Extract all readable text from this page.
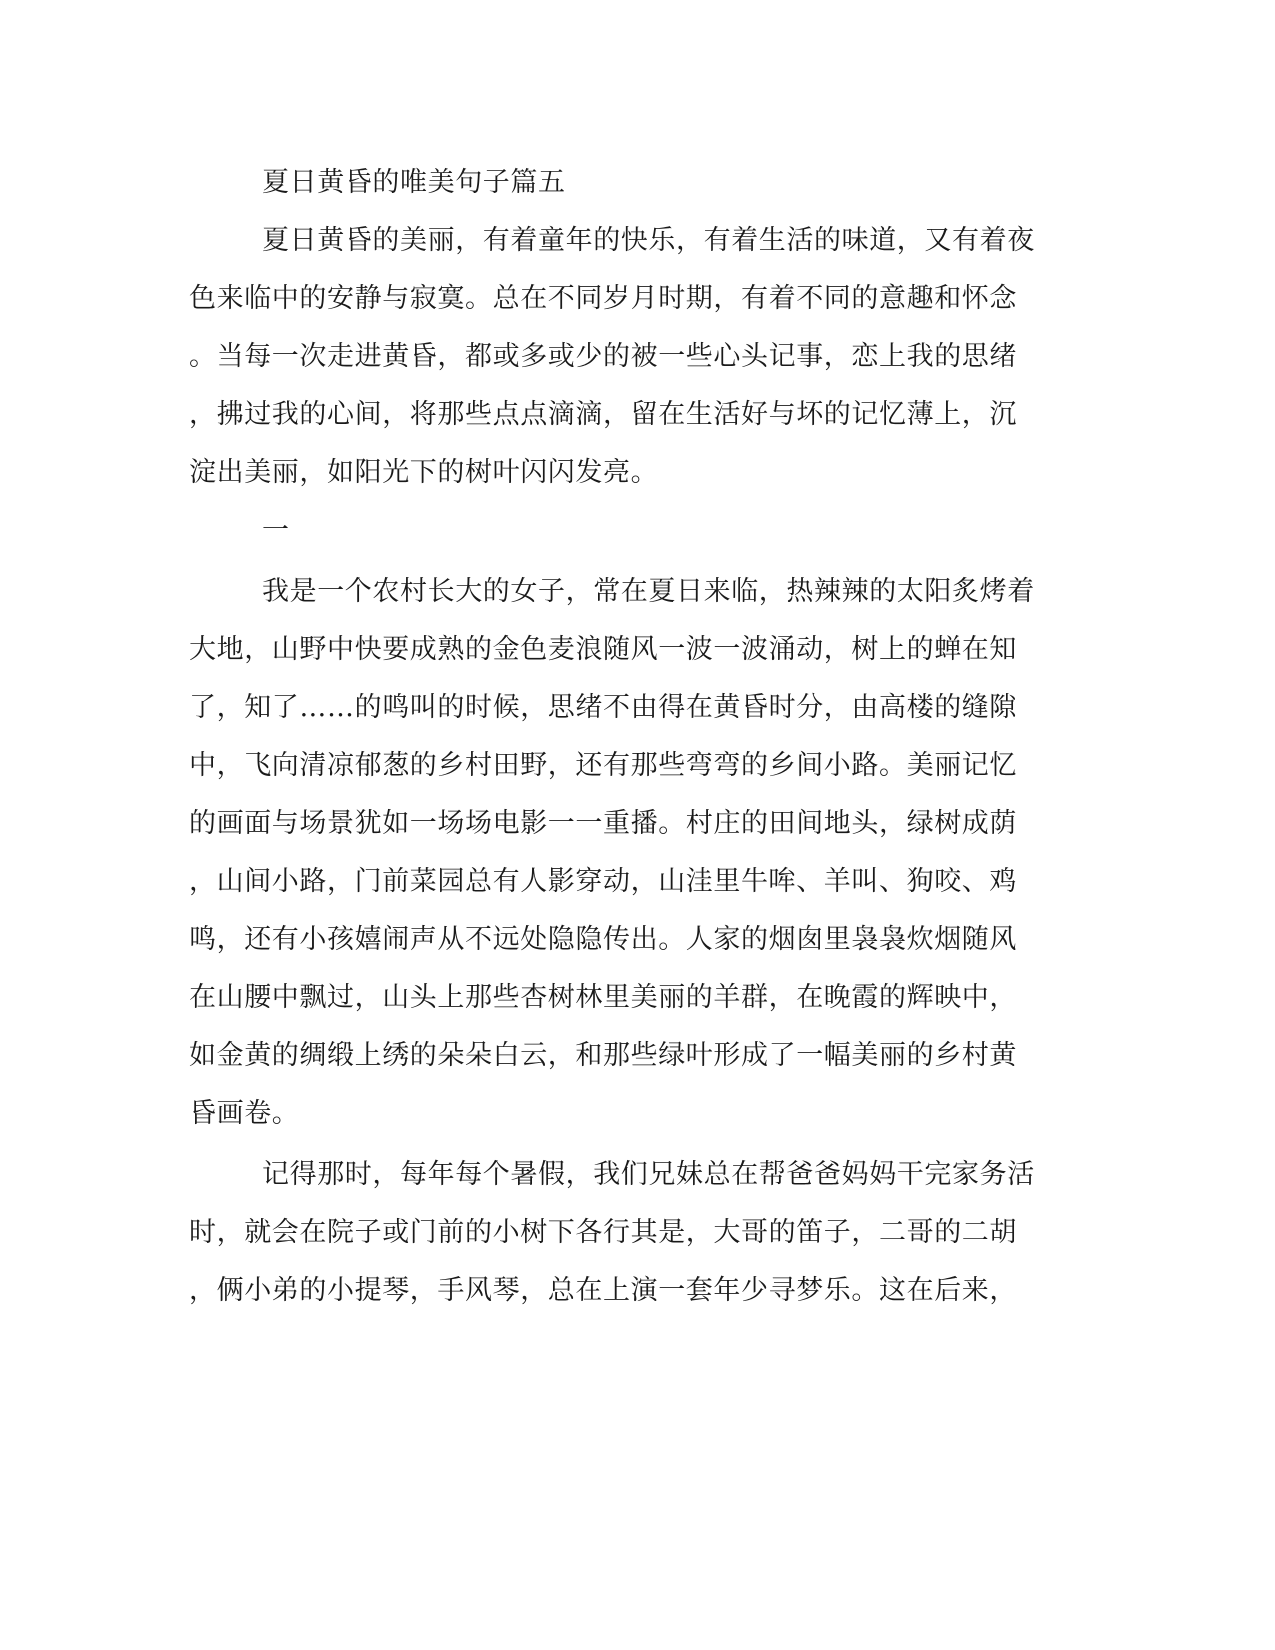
夏日黄昏的唯美句子篇五
夏日黄昏的美丽，有着童年的快乐，有着生活的味道，又有着夜
色来临中的安静与寂寞。总在不同岁月时期，有着不同的意趣和怀念
。当每一次走进黄昏，都或多或少的被一些心头记事，恋上我的思绪
，拂过我的心间，将那些点点滴滴，留在生活好与坏的记忆薄上，沉
淀出美丽，如阳光下的树叶闪闪发亮。
一
我是一个农村长大的女子，常在夏日来临，热辣辣的太阳炙烤着
大地，山野中快要成熟的金色麦浪随风一波一波涌动，树上的蝉在知
了，知了……的鸣叫的时候，思绪不由得在黄昏时分，由高楼的缝隙
中，飞向清凉郁葱的乡村田野，还有那些弯弯的乡间小路。美丽记忆
的画面与场景犹如一场场电影一一重播。村庄的田间地头，绿树成荫
，山间小路，门前菜园总有人影穿动，山洼里牛哞、羊叫、狗咬、鸡
鸣，还有小孩嬉闹声从不远处隐隐传出。人家的烟囱里袅袅炊烟随风
在山腰中飘过，山头上那些杏树林里美丽的羊群，在晚霞的辉映中，
如金黄的绸缎上绣的朵朵白云，和那些绿叶形成了一幅美丽的乡村黄
昏画卷。
记得那时，每年每个暑假，我们兄妹总在帮爸爸妈妈干完家务活
时，就会在院子或门前的小树下各行其是，大哥的笛子，二哥的二胡
，俩小弟的小提琴，手风琴，总在上演一套年少寻梦乐。这在后来，
